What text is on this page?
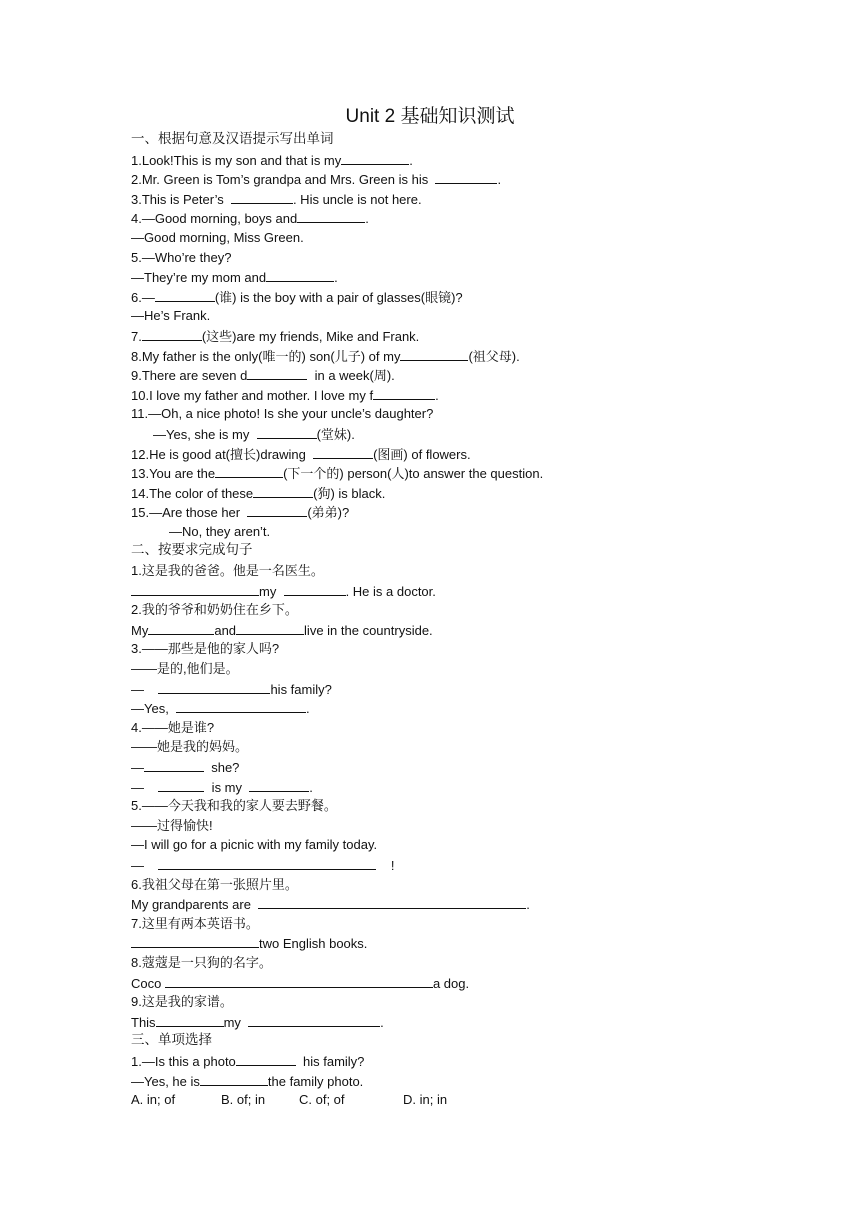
Unit 2 基础知识测试
一、根据句意及汉语提示写出单词
1.Look!This is my son and that is my	.
2.Mr. Green is Tom’s grandpa and Mrs. Green is his	.
3.This is Peter’s	. His uncle is not here.
4.—Good morning, boys and	.
—Good morning, Miss Green.
5.—Who’re they?
—They’re my mom and	.
6.—	(谁) is the boy with a pair of glasses(眼镜)?
—He’s Frank.
7.	(这些)are my friends, Mike and Frank.
8.My father is the only(唯一的) son(儿子) of my	(祖父母).
9.There are seven d	in a week(周).
10.I love my father and mother. I love my f	.
11.—Oh, a nice photo! Is she your uncle’s daughter?
—Yes, she is my	(堂妹).
12.He is good at(擅长)drawing	(图画) of flowers.
13.You are the	(下一个的) person(人)to answer the question.
14.The color of these	(狗) is black.
15.—Are those her	(弟弟)?
—No, they aren’t.
二、按要求完成句子
1.这是我的爸爸。他是一名医生。
my	. He is a doctor.
2.我的爷爷和奶奶住在乡下。
My	and	live in the countryside.
3.——那些是他的家人吗?
——是的,他们是。
—	his family?
—Yes,	.
4.——她是谁?
——她是我的妈妈。
—	she?
—	is my	.
5.——今天我和我的家人要去野餐。
——过得愉快!
—I will go for a picnic with my family today.
—	!
6.我祖父母在第一张照片里。
My grandparents are	.
7.这里有两本英语书。
two English books.
8.蔻蔻是一只狗的名字。
Coco	a dog.
9.这是我的家谱。
This	my	.
三、单项选择
1.—Is this a photo	his family?
—Yes, he is	the family photo.
A. in; of	B. of; in	C. of; of	D. in; in
